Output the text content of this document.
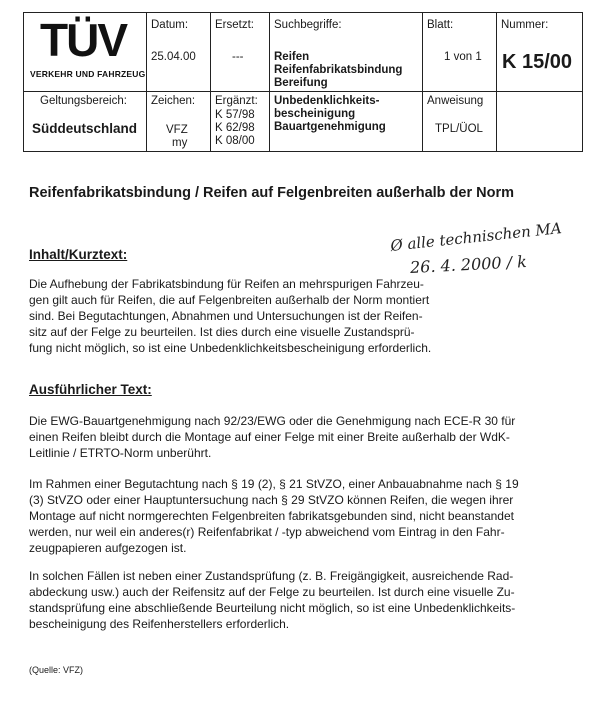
TÜV
VERKEHR UND FAHRZEUG
Datum:
25.04.00
Ersetzt:
---
Suchbegriffe:
Reifen
Reifenfabrikatsbindung
Bereifung
Unbedenklichkeits-
bescheinigung
Bauartgenehmigung
Blatt:
1 von 1
Nummer:
K 15/00
Geltungsbereich:
Süddeutschland
Zeichen:
VFZ
my
Ergänzt:
K 57/98
K 62/98
K 08/00
Anweisung
TPL/ÜOL
Reifenfabrikatsbindung / Reifen auf Felgenbreiten außerhalb der Norm
Ø alle technischen MA
26. 4. 2000 / k
Inhalt/Kurztext:
Die Aufhebung der Fabrikatsbindung für Reifen an mehrspurigen Fahrzeu-
gen gilt auch für Reifen, die auf Felgenbreiten außerhalb der Norm montiert
sind. Bei Begutachtungen, Abnahmen und Untersuchungen ist der Reifen-
sitz auf der Felge zu beurteilen. Ist dies durch eine visuelle Zustandsprü-
fung nicht möglich, so ist eine Unbedenklichkeitsbescheinigung erforderlich.
Ausführlicher Text:
Die EWG-Bauartgenehmigung nach 92/23/EWG oder die Genehmigung nach ECE-R 30 für
einen Reifen bleibt durch die Montage auf einer Felge mit einer Breite außerhalb der WdK-
Leitlinie / ETRTO-Norm unberührt.
Im Rahmen einer Begutachtung nach § 19 (2), § 21 StVZO, einer Anbauabnahme nach § 19
(3) StVZO oder einer Hauptuntersuchung nach § 29 StVZO können Reifen, die wegen ihrer
Montage auf nicht normgerechten Felgenbreiten fabrikatsgebunden sind, nicht beanstandet
werden, nur weil ein anderes(r) Reifenfabrikat / -typ abweichend vom Eintrag in den Fahr-
zeugpapieren aufgezogen ist.
In solchen Fällen ist neben einer Zustandsprüfung (z. B. Freigängigkeit, ausreichende Rad-
abdeckung usw.) auch der Reifensitz auf der Felge zu beurteilen. Ist durch eine visuelle Zu-
standsprüfung eine abschließende Beurteilung nicht möglich, so ist eine Unbedenklichkeits-
bescheinigung des Reifenherstellers erforderlich.
(Quelle: VFZ)
